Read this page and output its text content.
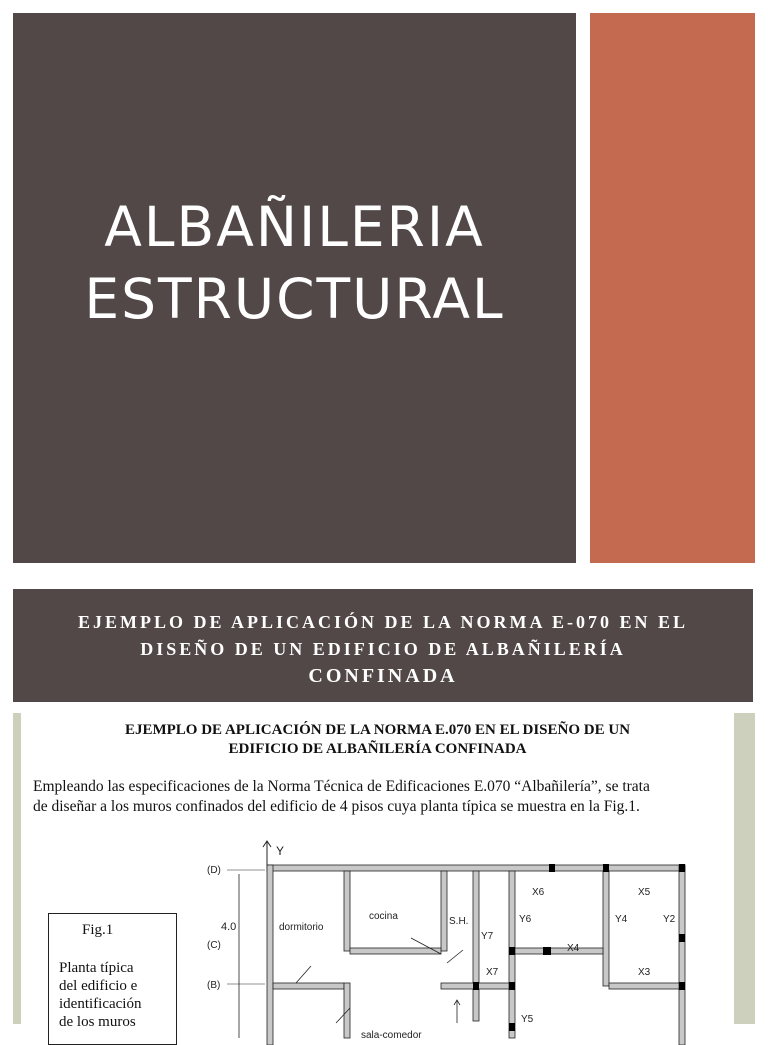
ALBAÑILERIA
ESTRUCTURAL
EJEMPLO DE APLICACIÓN DE LA NORMA E-070 EN EL
DISEÑO DE UN EDIFICIO DE ALBAÑILERÍA
CONFINADA
EJEMPLO DE APLICACIÓN DE LA NORMA E.070 EN EL DISEÑO DE UN
EDIFICIO DE ALBAÑILERÍA CONFINADA
Empleando las especificaciones de la Norma Técnica de Edificaciones E.070 “Albañilería”, se trata
de diseñar a los muros confinados del edificio de 4 pisos cuya planta típica se muestra en la Fig.1.
Fig.1
Planta típica
del edificio e
identificación
de los muros
Y
(D)
(C)
(B)
4.0	dormitorio
cocina	S.H.
sala-comedor
X6	X5
Y6	Y4	Y2
Y7
X4
X7	X3
Y5
